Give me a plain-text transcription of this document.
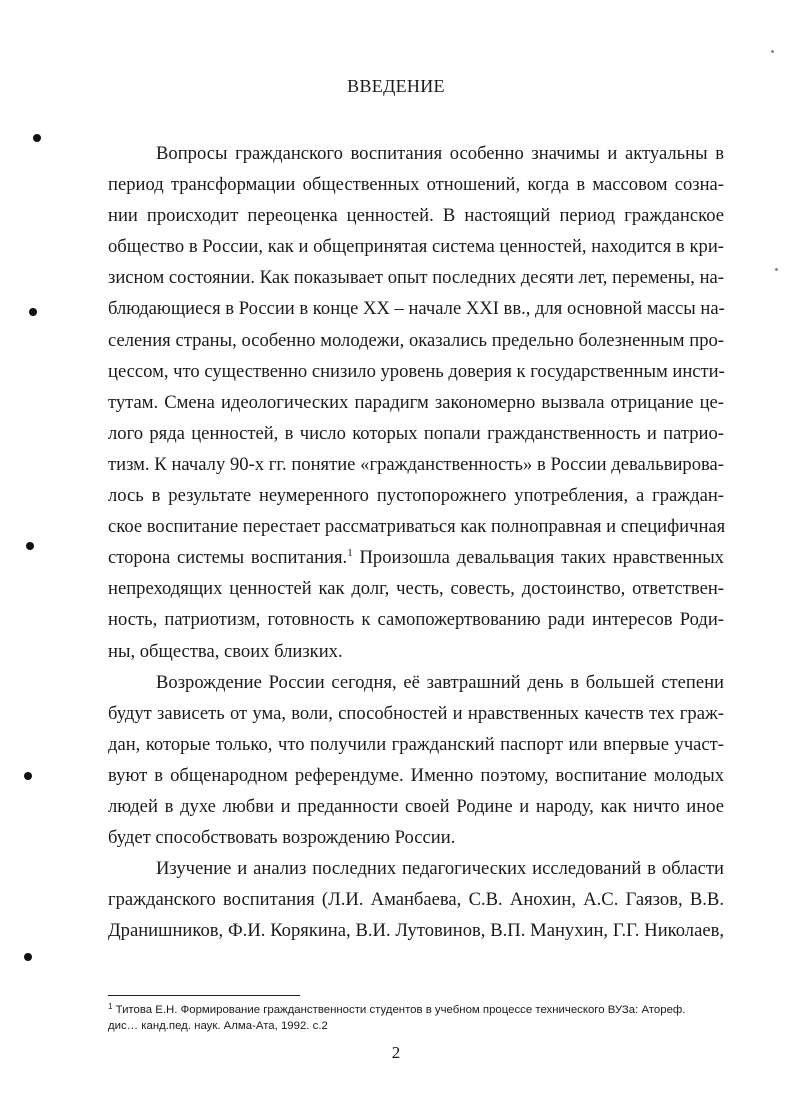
ВВЕДЕНИЕ
Вопросы гражданского воспитания особенно значимы и актуальны в
период трансформации общественных отношений, когда в массовом созна-
нии происходит переоценка ценностей. В настоящий период гражданское
общество в России, как и общепринятая система ценностей, находится в кри-
зисном состоянии. Как показывает опыт последних десяти лет, перемены, на-
блюдающиеся в России в конце XX – начале XXI вв., для основной массы на-
селения страны, особенно молодежи, оказались предельно болезненным про-
цессом, что существенно снизило уровень доверия к государственным инсти-
тутам. Смена идеологических парадигм закономерно вызвала отрицание це-
лого ряда ценностей, в число которых попали гражданственность и патрио-
тизм. К началу 90-х гг. понятие «гражданственность» в России девальвирова-
лось в результате неумеренного пустопорожнего употребления, а граждан-
ское воспитание перестает рассматриваться как полноправная и специфичная
сторона системы воспитания.$^1$ Произошла девальвация таких нравственных
непреходящих ценностей как долг, честь, совесть, достоинство, ответствен-
ность, патриотизм, готовность к самопожертвованию ради интересов Роди-
ны, общества, своих близких.
Возрождение России сегодня, её завтрашний день в большей степени
будут зависеть от ума, воли, способностей и нравственных качеств тех граж-
дан, которые только, что получили гражданский паспорт или впервые участ-
вуют в общенародном референдуме. Именно поэтому, воспитание молодых
людей в духе любви и преданности своей Родине и народу, как ничто иное
будет способствовать возрождению России.
Изучение и анализ последних педагогических исследований в области
гражданского воспитания (Л.И. Аманбаева, С.В. Анохин, А.С. Гаязов, В.В.
Дранишников, Ф.И. Корякина, В.И. Лутовинов, В.П. Манухин, Г.Г. Николаев,
$^1$ Титова Е.Н. Формирование гражданственности студентов в учебном процессе технического ВУЗа: Атореф.
дис… канд.пед. наук. Алма-Ата, 1992. с.2
2
